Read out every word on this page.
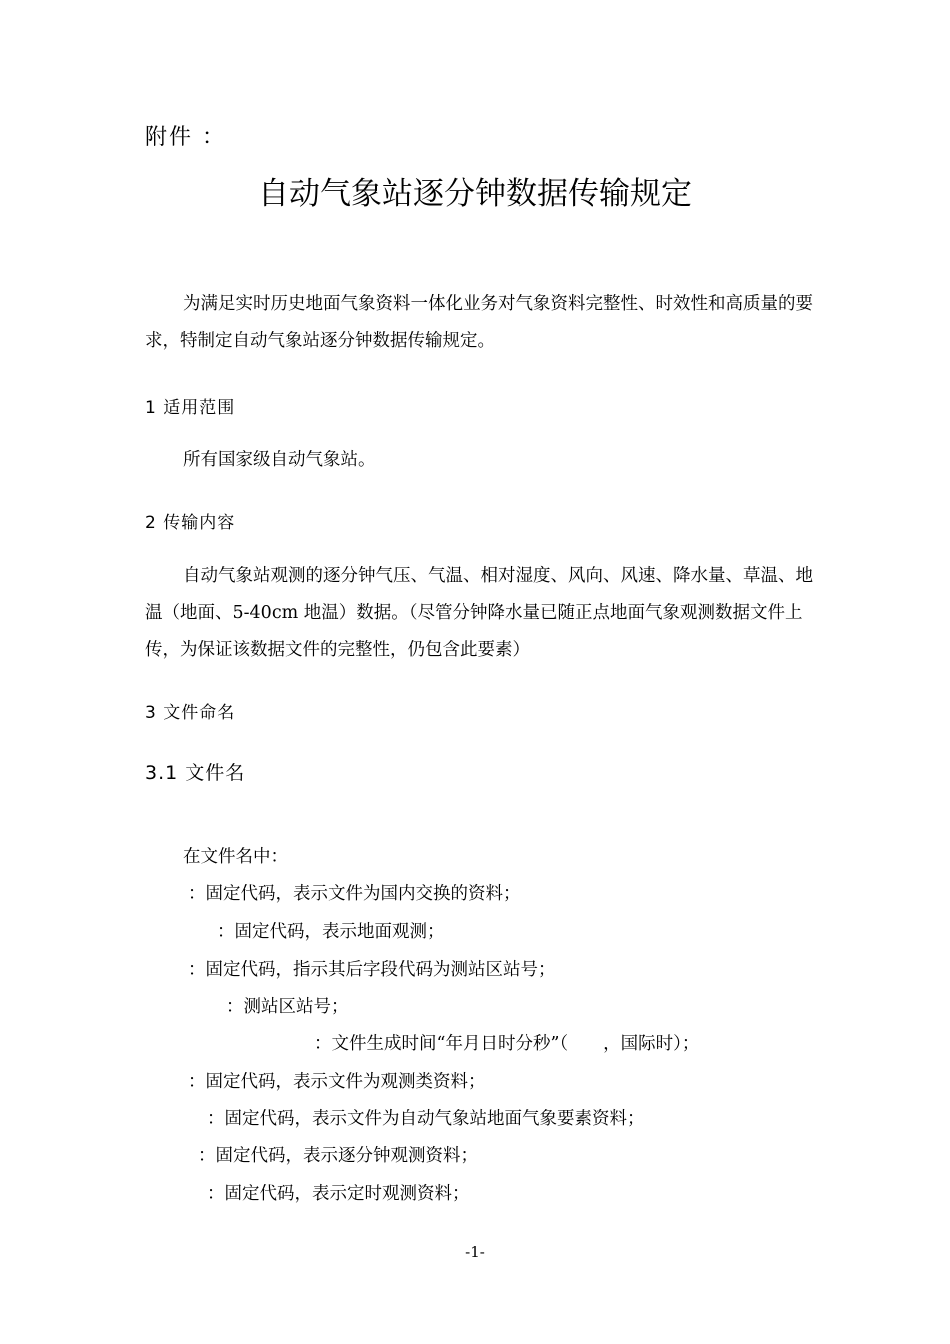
附件 ：
自动气象站逐分钟数据传输规定
为满足实时历史地面气象资料一体化业务对气象资料完整性、时效性和高质量的要求，特制定自动气象站逐分钟数据传输规定。
1 适用范围
所有国家级自动气象站。
2 传输内容
自动气象站观测的逐分钟气压、气温、相对湿度、风向、风速、降水量、草温、地温（地面、5-40cm 地温）数据。（尽管分钟降水量已随正点地面气象观测数据文件上传，为保证该数据文件的完整性，仍包含此要素）
3 文件命名
3.1 文件名
在文件名中：
：固定代码，表示文件为国内交换的资料；
：固定代码，表示地面观测；
：固定代码，指示其后字段代码为测站区站号；
：测站区站号；
：文件生成时间“年月日时分秒”（　　，国际时）；
：固定代码，表示文件为观测类资料；
：固定代码，表示文件为自动气象站地面气象要素资料；
：固定代码，表示逐分钟观测资料；
：固定代码，表示定时观测资料；
-1-
